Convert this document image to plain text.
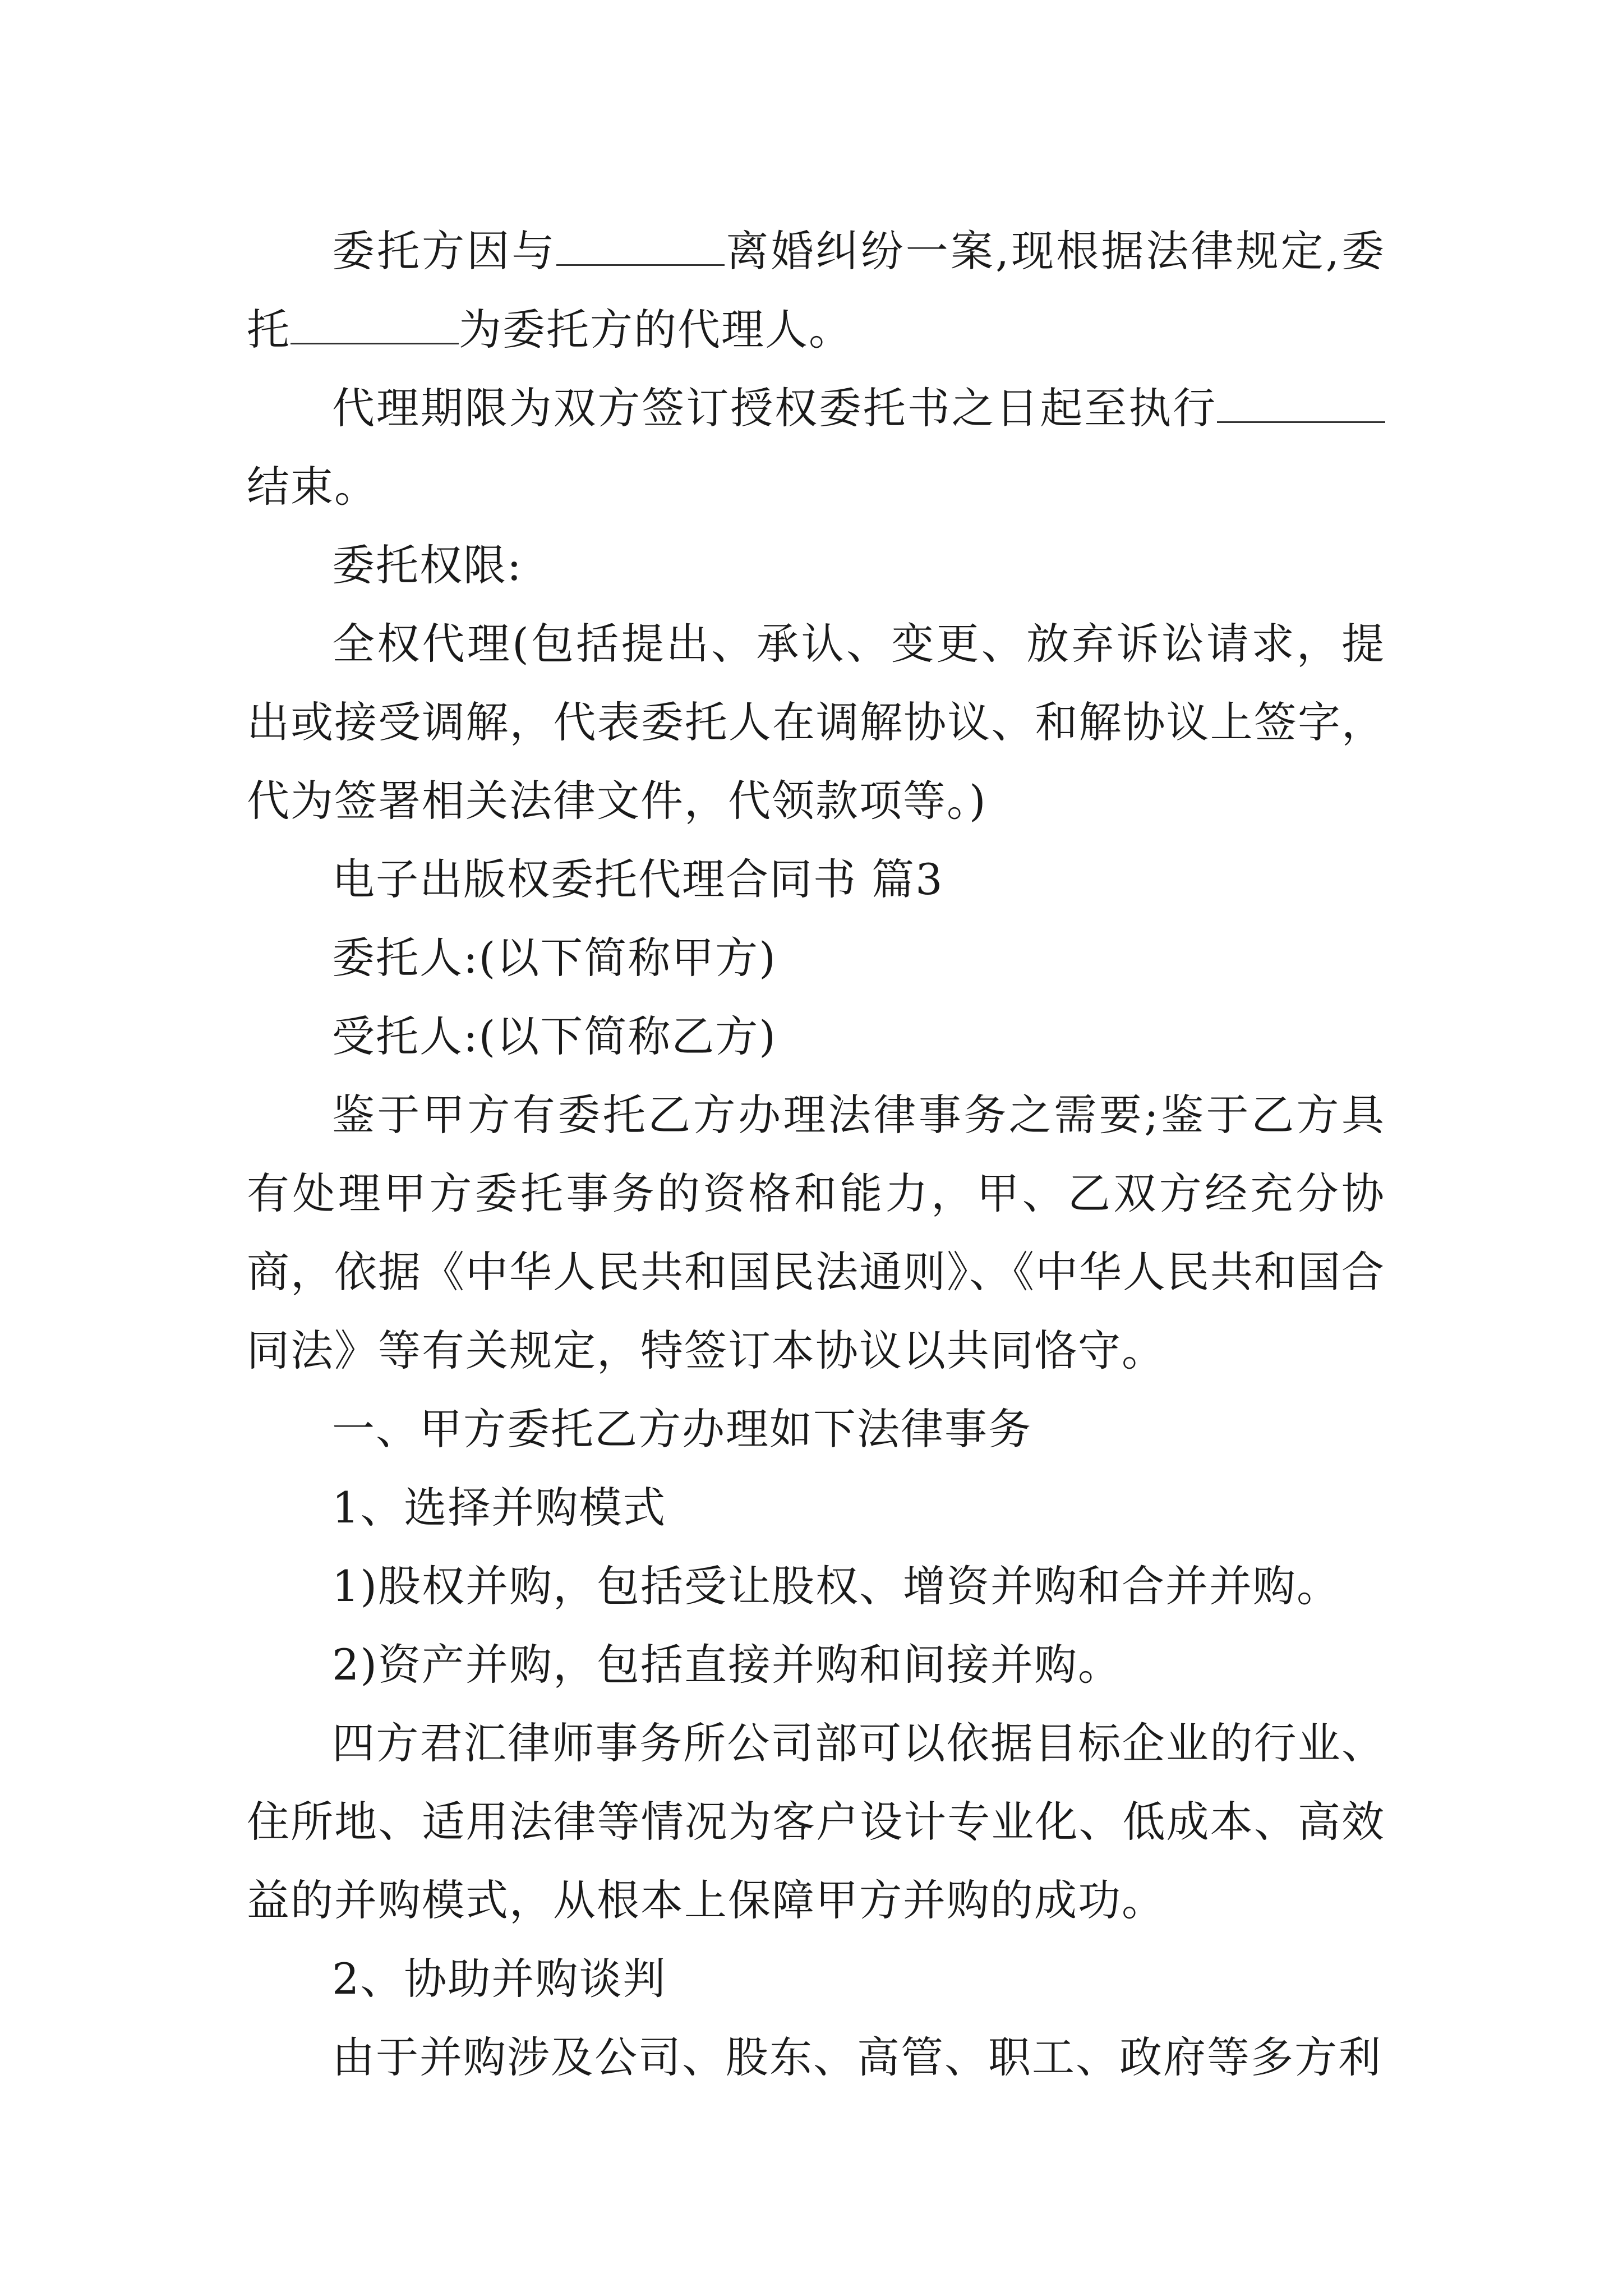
委托方因与	离婚纠纷一案,现根据法律规定,委托	为委托方的代理人。

代理期限为双方签订授权委托书之日起至执行结束。

委托权限:

全权代理(包括提出、承认、变更、放弃诉讼请求，提出或接受调解，代表委托人在调解协议、和解协议上签字，代为签署相关法律文件，代领款项等。)

电子出版权委托代理合同书 篇3

委托人:(以下简称甲方)

受托人:(以下简称乙方)

鉴于甲方有委托乙方办理法律事务之需要;鉴于乙方具有处理甲方委托事务的资格和能力，甲、乙双方经充分协商，依据《中华人民共和国民法通则》、《中华人民共和国合同法》等有关规定，特签订本协议以共同恪守。

一、甲方委托乙方办理如下法律事务

1、选择并购模式

1)股权并购，包括受让股权、增资并购和合并并购。

2)资产并购，包括直接并购和间接并购。

四方君汇律师事务所公司部可以依据目标企业的行业、住所地、适用法律等情况为客户设计专业化、低成本、高效益的并购模式，从根本上保障甲方并购的成功。

2、协助并购谈判

由于并购涉及公司、股东、高管、职工、政府等多方利
